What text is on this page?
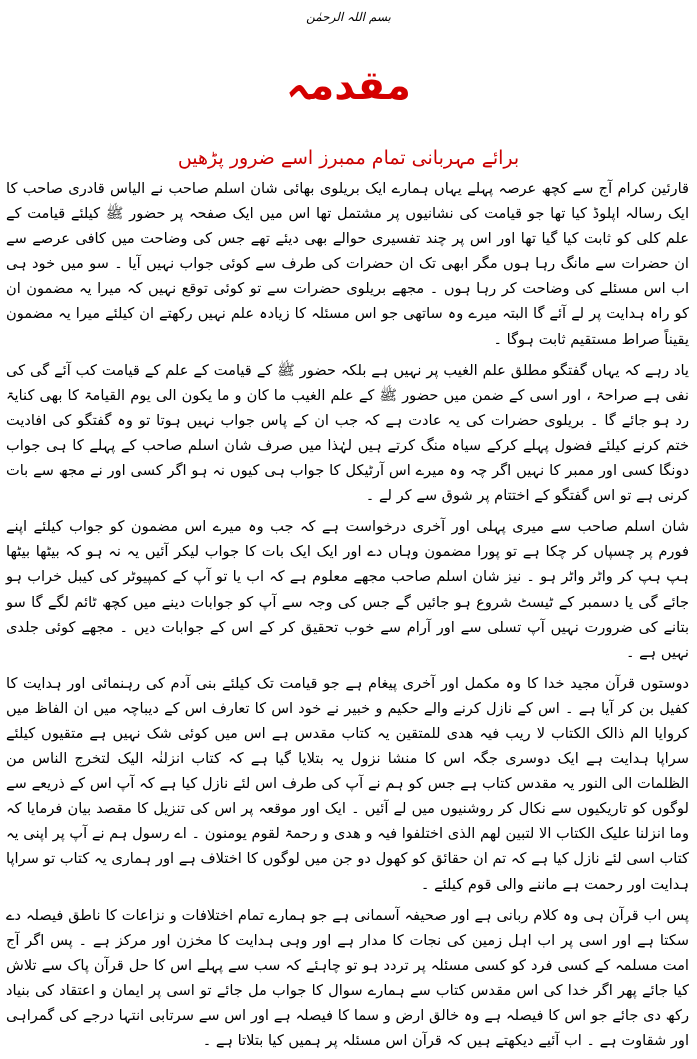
بسم اللہ الرحمٰن
مقدمہ
برائے مہربانی تمام ممبرز اسے ضرور پڑھیں

قارئین کرام آج سے کچھ عرصہ پہلے یہاں ہمارے ایک بریلوی بھائی شان اسلم صاحب نے الیاس قادری صاحب کا ایک رسالہ اپلوڈ کیا تھا جو قیامت کی نشانیوں پر مشتمل تھا اس میں ایک صفحہ پر حضور ﷺ کیلئے قیامت کے علم کلی کو ثابت کیا گیا تھا اور اس پر چند تفسیری حوالے بھی دیئے تھے جس کی وضاحت میں کافی عرصے سے ان حضرات سے مانگ رہا ہوں مگر ابھی تک ان حضرات کی طرف سے کوئی جواب نہیں آیا ۔ سو میں خود ہی اب اس مسئلے کی وضاحت کر رہا ہوں ۔ مجھے بریلوی حضرات سے تو کوئی توقع نہیں کہ میرا یہ مضمون ان کو راہ ہدایت پر لے آئے گا البتہ میرے وہ ساتھی جو اس مسئلہ کا زیادہ علم نہیں رکھتے ان کیلئے میرا یہ مضمون یقیناً صراط مستقیم ثابت ہوگا ۔

یاد رہے کہ یہاں گفتگو مطلق علم الغیب پر نہیں ہے بلکہ حضور ﷺ کے قیامت کے علم کے قیامت کب آئے گی کی نفی ہے صراحۃ ، اور اسی کے ضمن میں حضور ﷺ کے علم الغیب ما کان و ما یکون الی یوم القیامۃ کا بھی کنایۃ رد ہو جائے گا ۔ بریلوی حضرات کی یہ عادت ہے کہ جب ان کے پاس جواب نہیں ہوتا تو وہ گفتگو کی افادیت ختم کرنے کیلئے فضول پہلے کرکے سیاہ منگ کرتے ہیں لہٰذا میں صرف شان اسلم صاحب کے پہلے کا ہی جواب دونگا کسی اور ممبر کا نہیں اگر چہ وہ میرے اس آرٹیکل کا جواب ہی کیوں نہ ہو اگر کسی اور نے مجھ سے بات کرنی ہے تو اس گفتگو کے اختتام پر شوق سے کر لے ۔

شان اسلم صاحب سے میری پہلی اور آخری درخواست ہے کہ جب وہ میرے اس مضمون کو جواب کیلئے اپنے فورم پر چسپاں کر چکا ہے تو پورا مضمون وہاں دے اور ایک ایک بات کا جواب لیکر آئیں یہ نہ ہو کہ بیٹھا بیٹھا ہپ ہپ کر واٹر واٹر ہو ۔ نیز شان اسلم صاحب مجھے معلوم ہے کہ اب یا تو آپ کے کمپیوٹر کی کیبل خراب ہو جائے گی یا دسمبر کے ٹیسٹ شروع ہو جائیں گے جس کی وجہ سے آپ کو جوابات دینے میں کچھ ٹائم لگے گا سو بتانے کی ضرورت نہیں آپ تسلی سے اور آرام سے خوب تحقیق کر کے اس کے جوابات دیں ۔ مجھے کوئی جلدی نہیں ہے ۔

دوستوں قرآن مجید خدا کا وہ مکمل اور آخری پیغام ہے جو قیامت تک کیلئے بنی آدم کی رہنمائی اور ہدایت کا کفیل بن کر آیا ہے ۔ اس کے نازل کرنے والے حکیم و خبیر نے خود اس کا تعارف اس کے دیباچہ میں ان الفاظ میں کروایا الم ذالک الکتاب لا ریب فیہ ھدی للمتقین یہ کتاب مقدس ہے اس میں کوئی شک نہیں ہے متقیوں کیلئے سراپا ہدایت ہے ایک دوسری جگہ اس کا منشا نزول یہ بتلایا گیا ہے کہ کتاب انزلنٰہ الیک لتخرج الناس من الظلمات الی النور یہ مقدس کتاب ہے جس کو ہم نے آپ کی طرف اس لئے نازل کیا ہے کہ آپ اس کے ذریعے سے لوگوں کو تاریکیوں سے نکال کر روشنیوں میں لے آئیں ۔ ایک اور موقعہ پر اس کی تنزیل کا مقصد بیان فرمایا کہ وما انزلنا علیک الکتاب الا لتبین لھم الذی اختلفوا فیہ و ھدی و رحمۃ لقوم یومنون ۔ اے رسول ہم نے آپ پر اپنی یہ کتاب اسی لئے نازل کیا ہے کہ تم ان حقائق کو کھول دو جن میں لوگوں کا اختلاف ہے اور ہماری یہ کتاب تو سراپا ہدایت اور رحمت ہے ماننے والی قوم کیلئے ۔

پس اب قرآن ہی وہ کلام ربانی ہے اور صحیفہ آسمانی ہے جو ہمارے تمام اختلافات و نزاعات کا ناطق فیصلہ دے سکتا ہے اور اسی پر اب اہل زمین کی نجات کا مدار ہے اور وہی ہدایت کا مخزن اور مرکز ہے ۔ پس اگر آج امت مسلمہ کے کسی فرد کو کسی مسئلہ پر تردد ہو تو چاہئے کہ سب سے پہلے اس کا حل قرآن پاک سے تلاش کیا جائے پھر اگر خدا کی اس مقدس کتاب سے ہمارے سوال کا جواب مل جائے تو اسی پر ایمان و اعتقاد کی بنیاد رکھ دی جائے جو اس کا فیصلہ ہے وہ خالق ارض و سما کا فیصلہ ہے اور اس سے سرتابی انتہا درجے کی گمراہی اور شقاوت ہے ۔ اب آئیے دیکھتے ہیں کہ قرآن اس مسئلہ پر ہمیں کیا بتلاتا ہے ۔
